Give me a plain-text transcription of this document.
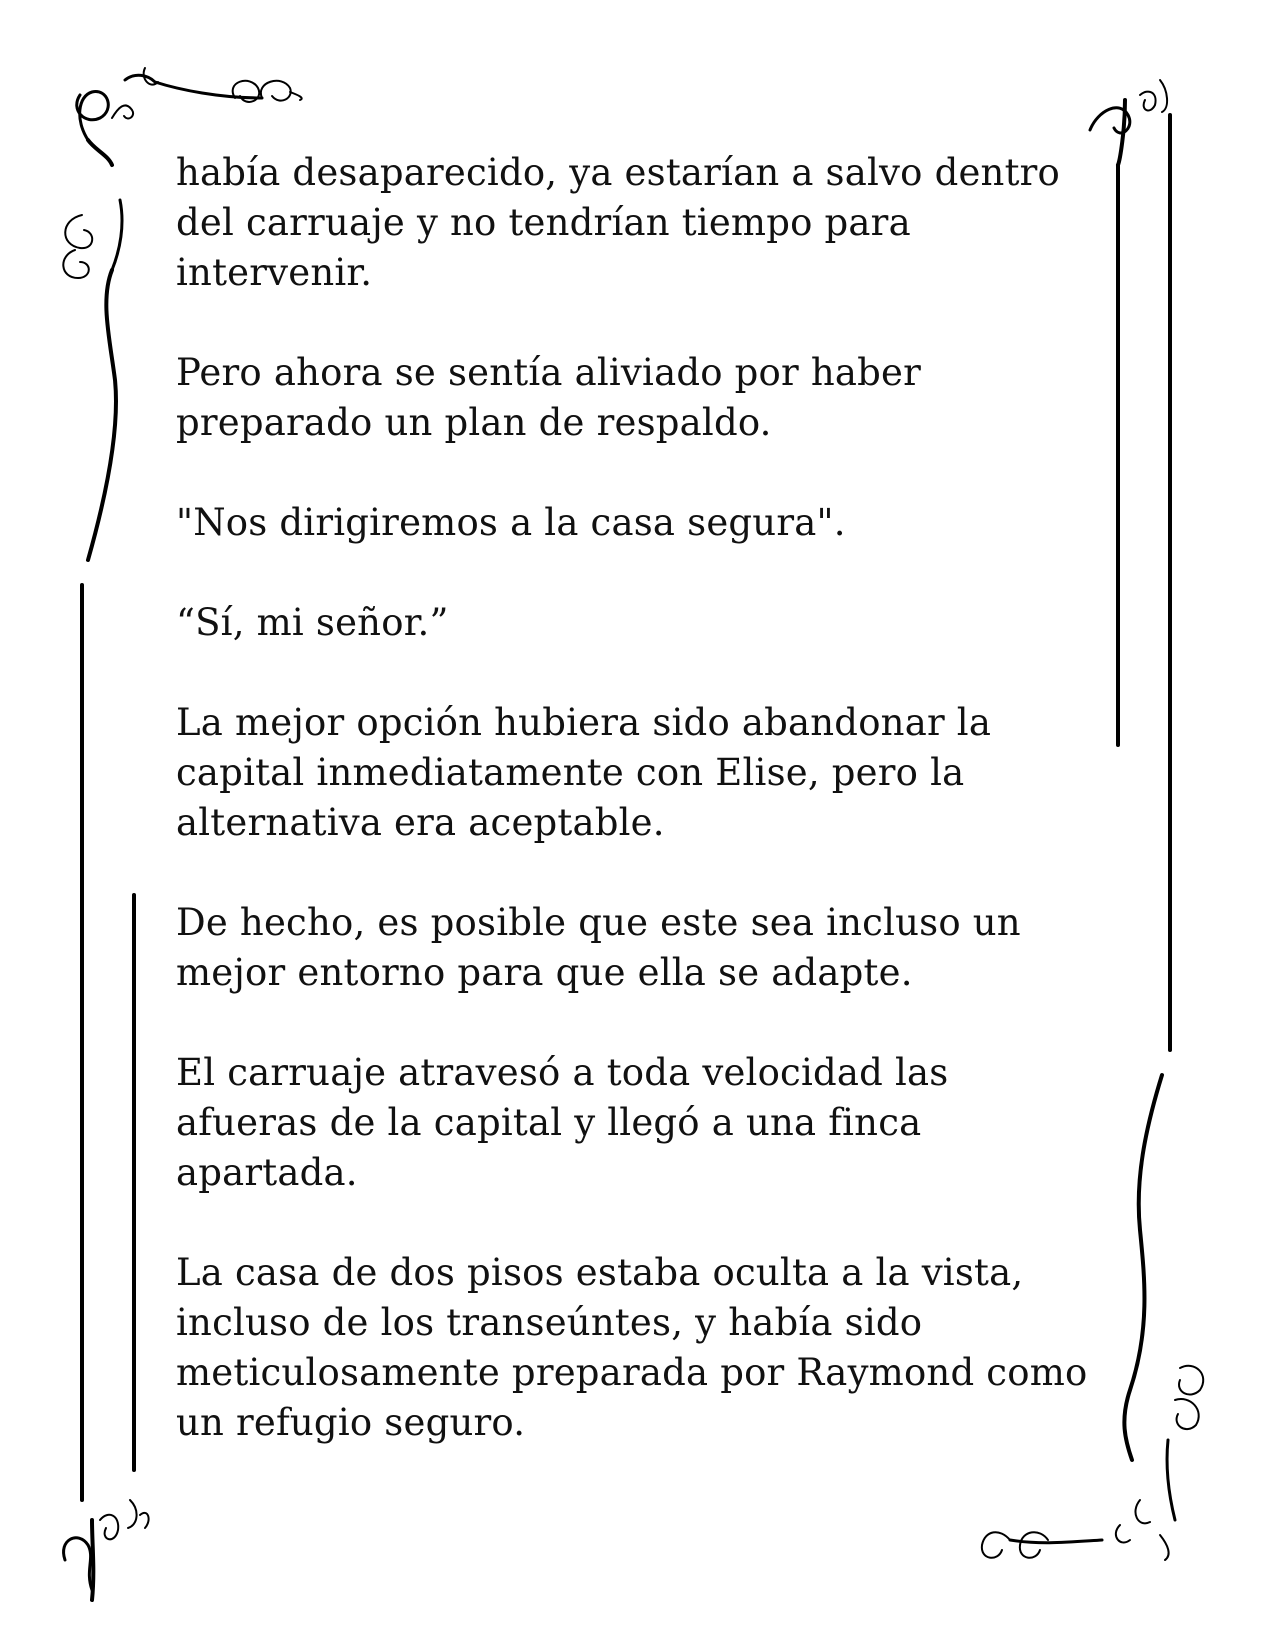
había desaparecido, ya estarían a salvo dentro
del carruaje y no tendrían tiempo para
intervenir.

Pero ahora se sentía aliviado por haber
preparado un plan de respaldo.

"Nos dirigiremos a la casa segura".

“Sí, mi señor.”

La mejor opción hubiera sido abandonar la
capital inmediatamente con Elise, pero la
alternativa era aceptable.

De hecho, es posible que este sea incluso un
mejor entorno para que ella se adapte.

El carruaje atravesó a toda velocidad las
afueras de la capital y llegó a una finca
apartada.

La casa de dos pisos estaba oculta a la vista,
incluso de los transeúntes, y había sido
meticulosamente preparada por Raymond como
un refugio seguro.
